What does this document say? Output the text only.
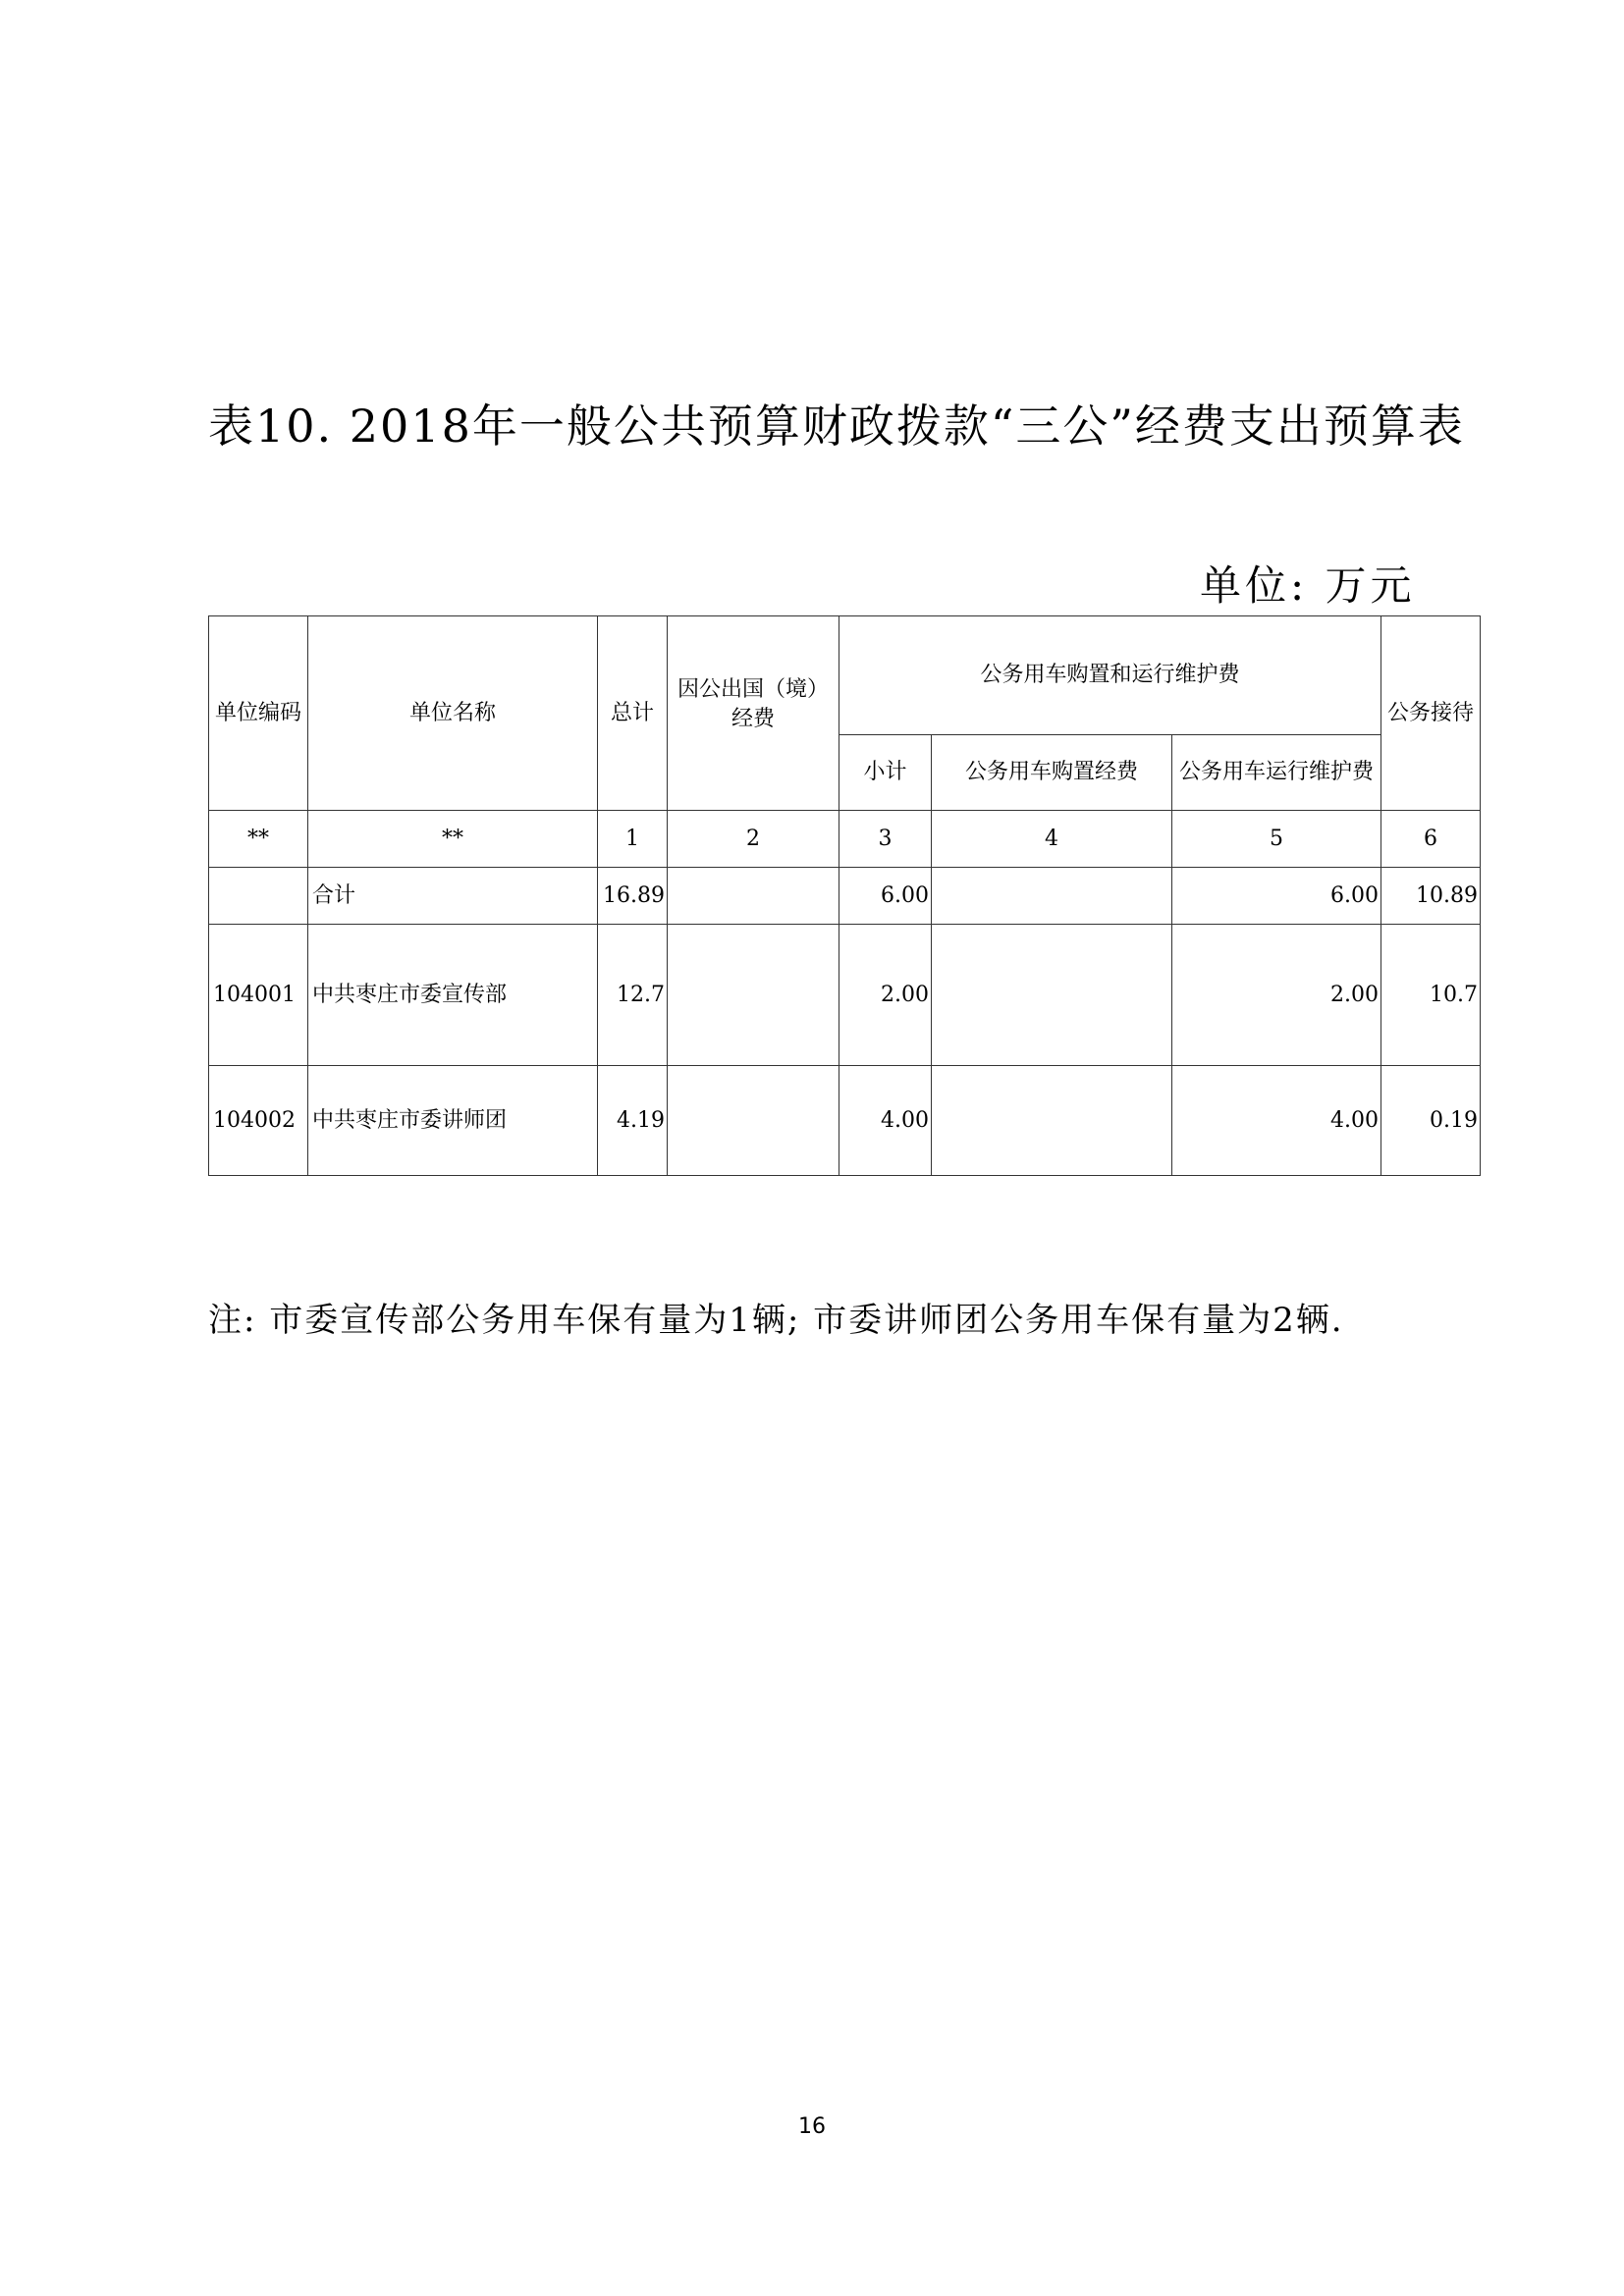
表10. 2018年一般公共预算财政拨款“三公”经费支出预算表
单位: 万元
单位编码	单位名称	总计	因公出国（境）经费	公务用车购置和运行维护费			公务接待
				小计	公务用车购置经费	公务用车运行维护费	
**	**	1	2	3	4	5	6
	合计	16.89		6.00		6.00	10.89
104001	中共枣庄市委宣传部	12.7		2.00		2.00	10.7
104002	中共枣庄市委讲师团	4.19		4.00		4.00	0.19
注: 市委宣传部公务用车保有量为1辆; 市委讲师团公务用车保有量为2辆.
16
